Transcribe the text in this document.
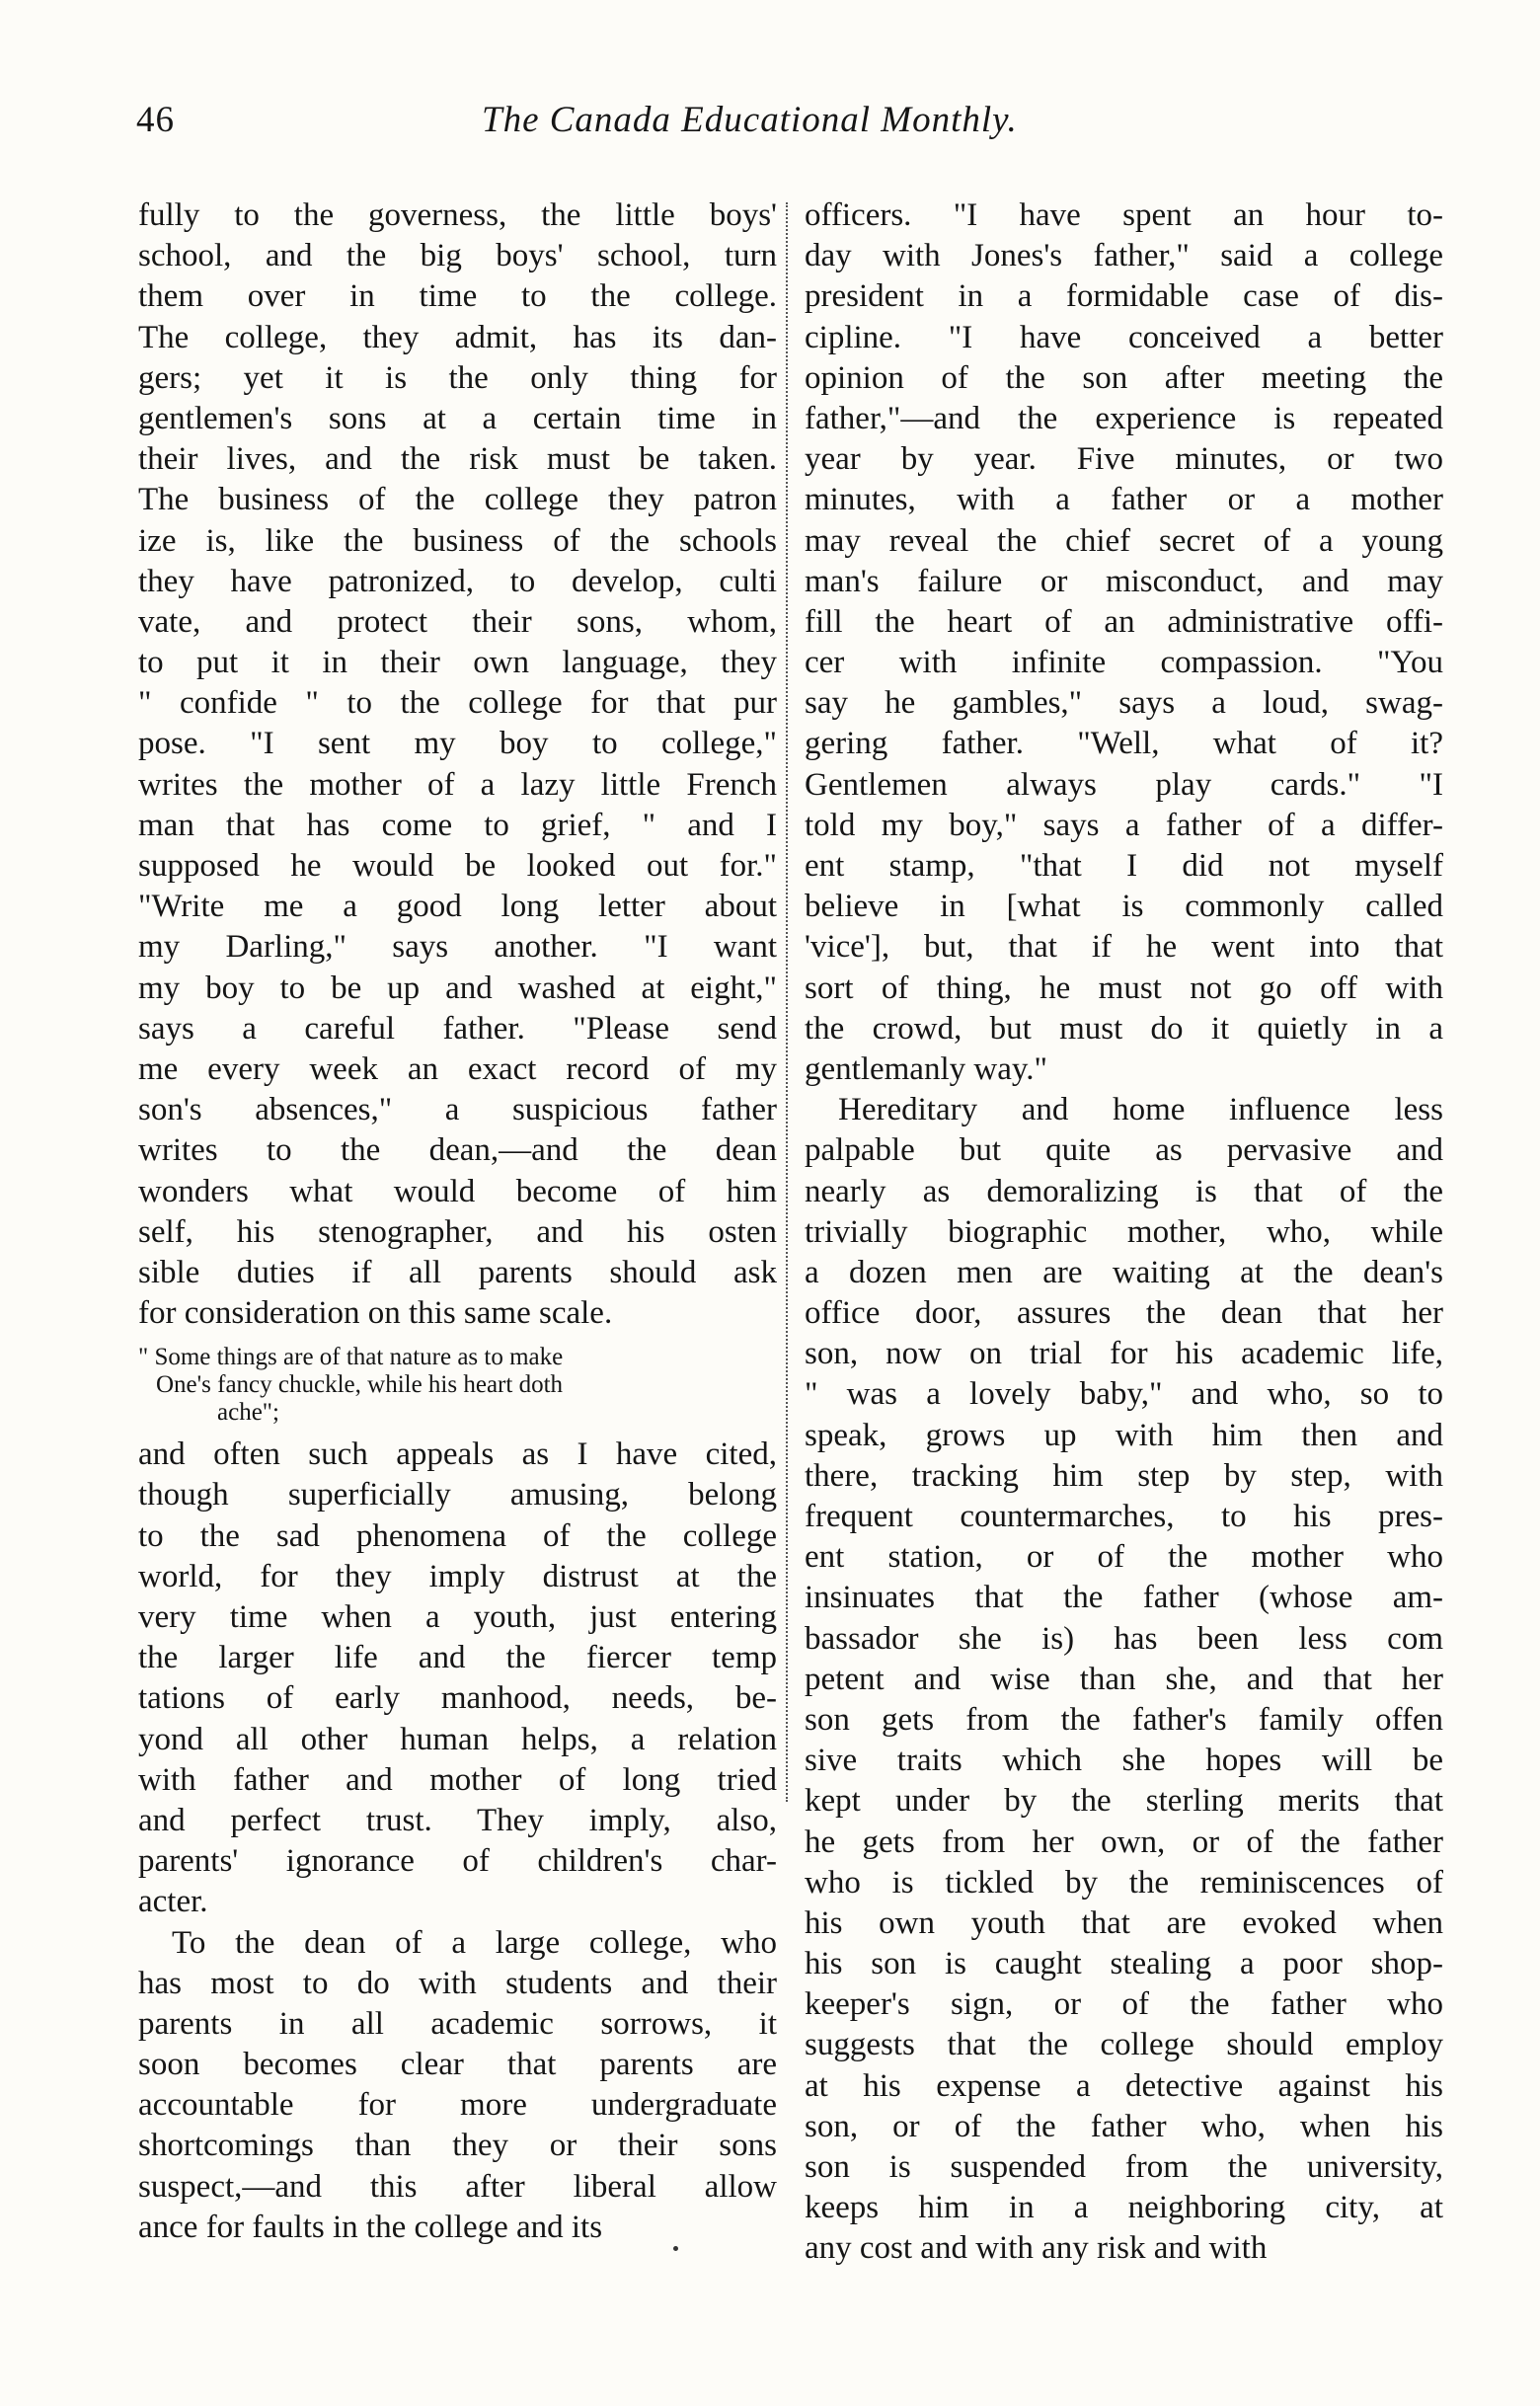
46	The Canada Educational Monthly.
fully to the governess, the little boys'
school, and the big boys' school, turn
them over in time to the college.
The college, they admit, has its dan-
gers; yet it is the only thing for
gentlemen's sons at a certain time in
their lives, and the risk must be taken.
The business of the college they patron
ize is, like the business of the schools
they have patronized, to develop, culti
vate, and protect their sons, whom,
to put it in their own language, they
" confide " to the college for that pur
pose. "I sent my boy to college,"
writes the mother of a lazy little French
man that has come to grief, " and I
supposed he would be looked out for."
"Write me a good long letter about
my Darling," says another. "I want
my boy to be up and washed at eight,"
says a careful father. "Please send
me every week an exact record of my
son's absences," a suspicious father
writes to the dean,—and the dean
wonders what would become of him
self, his stenographer, and his osten
sible duties if all parents should ask
for consideration on this same scale.
" Some things are of that nature as to make
One's fancy chuckle, while his heart doth
ache";
and often such appeals as I have cited,
though superficially amusing, belong
to the sad phenomena of the college
world, for they imply distrust at the
very time when a youth, just entering
the larger life and the fiercer temp
tations of early manhood, needs, be-
yond all other human helps, a relation
with father and mother of long tried
and perfect trust. They imply, also,
parents' ignorance of children's char-
acter.
To the dean of a large college, who
has most to do with students and their
parents in all academic sorrows, it
soon becomes clear that parents are
accountable for more undergraduate
shortcomings than they or their sons
suspect,—and this after liberal allow
ance for faults in the college and its
officers. "I have spent an hour to-
day with Jones's father," said a college
president in a formidable case of dis-
cipline. "I have conceived a better
opinion of the son after meeting the
father,"—and the experience is repeated
year by year. Five minutes, or two
minutes, with a father or a mother
may reveal the chief secret of a young
man's failure or misconduct, and may
fill the heart of an administrative offi-
cer with infinite compassion. "You
say he gambles," says a loud, swag-
gering father. "Well, what of it?
Gentlemen always play cards." "I
told my boy," says a father of a differ-
ent stamp, "that I did not myself
believe in [what is commonly called
'vice'], but, that if he went into that
sort of thing, he must not go off with
the crowd, but must do it quietly in a
gentlemanly way."
Hereditary and home influence less
palpable but quite as pervasive and
nearly as demoralizing is that of the
trivially biographic mother, who, while
a dozen men are waiting at the dean's
office door, assures the dean that her
son, now on trial for his academic life,
" was a lovely baby," and who, so to
speak, grows up with him then and
there, tracking him step by step, with
frequent countermarches, to his pres-
ent station, or of the mother who
insinuates that the father (whose am-
bassador she is) has been less com
petent and wise than she, and that her
son gets from the father's family offen
sive traits which she hopes will be
kept under by the sterling merits that
he gets from her own, or of the father
who is tickled by the reminiscences of
his own youth that are evoked when
his son is caught stealing a poor shop-
keeper's sign, or of the father who
suggests that the college should employ
at his expense a detective against his
son, or of the father who, when his
son is suspended from the university,
keeps him in a neighboring city, at
any cost and with any risk and with
